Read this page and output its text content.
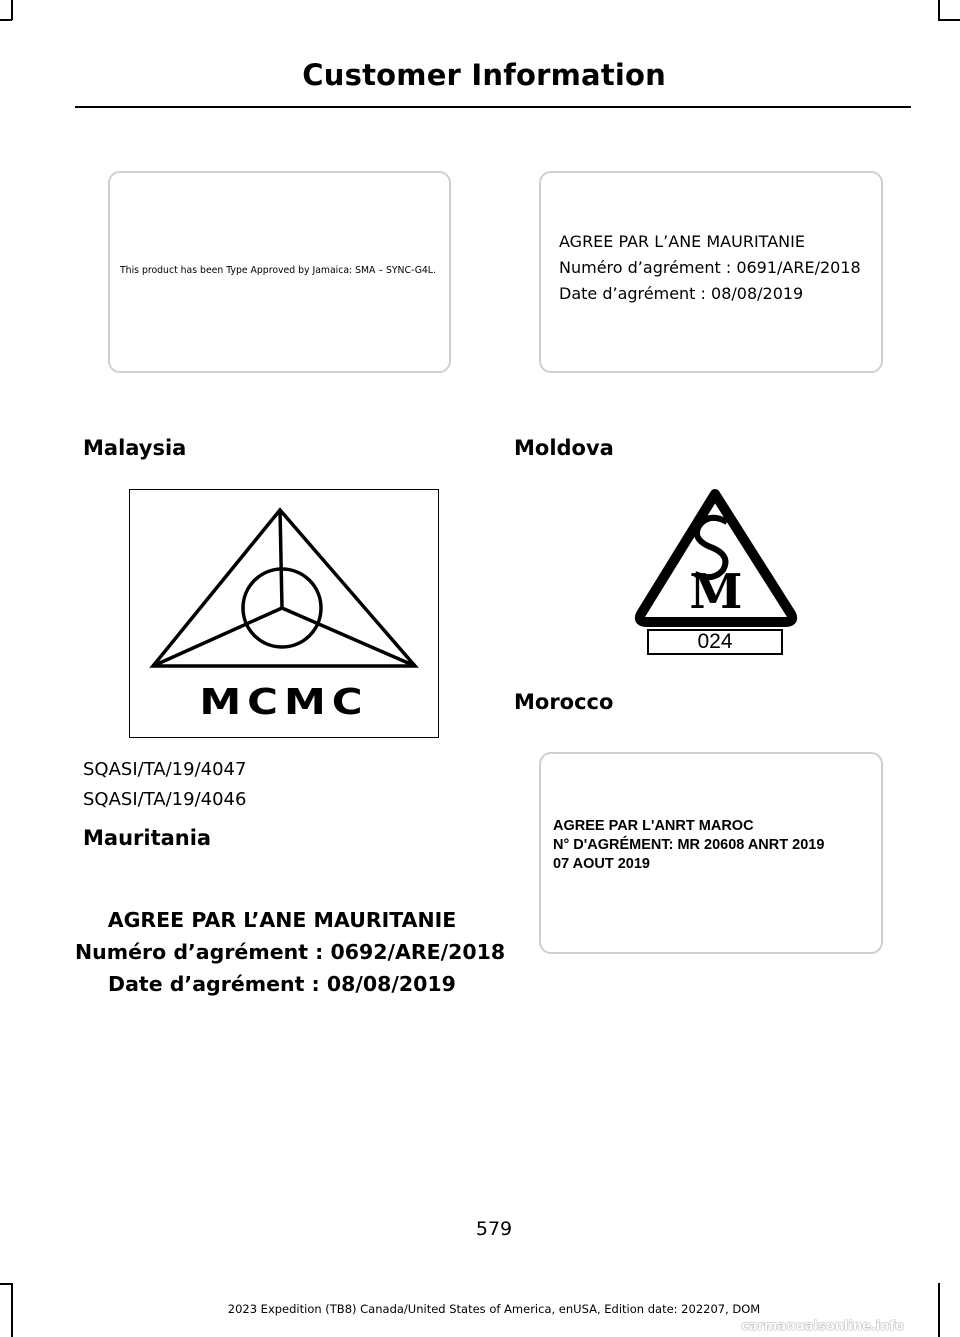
Customer Information
This product has been Type Approved by Jamaica: SMA – SYNC-G4L.
AGREE PAR L’ANE MAURITANIE
Numéro d’agrément : 0691/ARE/2018
Date d’agrément : 08/08/2019
Malaysia
MCMC
SQASI/TA/19/4047
SQASI/TA/19/4046
Mauritania
AGREE PAR L’ANE MAURITANIE
Numéro d’agrément : 0692/ARE/2018
Date d’agrément : 08/08/2019
Moldova
M
024
Morocco
AGREE PAR L'ANRT MAROC
N° D'AGRÉMENT: MR 20608 ANRT 2019
07 AOUT 2019
579
2023 Expedition (TB8) Canada/United States of America, enUSA, Edition date: 202207, DOM
carmanualsonline.info
